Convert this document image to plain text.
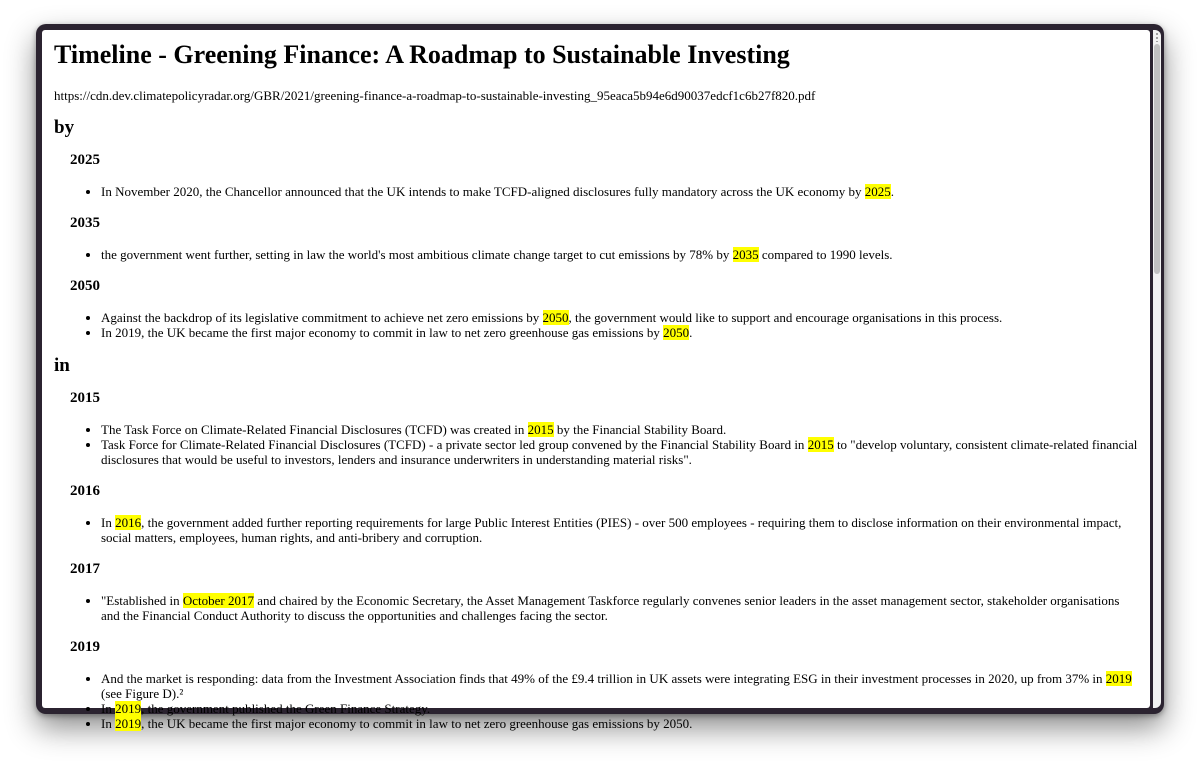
Timeline - Greening Finance: A Roadmap to Sustainable Investing
https://cdn.dev.climatepolicyradar.org/GBR/2021/greening-finance-a-roadmap-to-sustainable-investing_95eaca5b94e6d90037edcf1c6b27f820.pdf
by
2025
• In November 2020, the Chancellor announced that the UK intends to make TCFD-aligned disclosures fully mandatory across the UK economy by 2025.
2035
• the government went further, setting in law the world's most ambitious climate change target to cut emissions by 78% by 2035 compared to 1990 levels.
2050
• Against the backdrop of its legislative commitment to achieve net zero emissions by 2050, the government would like to support and encourage organisations in this process.
• In 2019, the UK became the first major economy to commit in law to net zero greenhouse gas emissions by 2050.
in
2015
• The Task Force on Climate-Related Financial Disclosures (TCFD) was created in 2015 by the Financial Stability Board.
• Task Force for Climate-Related Financial Disclosures (TCFD) - a private sector led group convened by the Financial Stability Board in 2015 to "develop voluntary, consistent climate-related financial disclosures that would be useful to investors, lenders and insurance underwriters in understanding material risks".
2016
• In 2016, the government added further reporting requirements for large Public Interest Entities (PIES) - over 500 employees - requiring them to disclose information on their environmental impact, social matters, employees, human rights, and anti-bribery and corruption.
2017
• "Established in October 2017 and chaired by the Economic Secretary, the Asset Management Taskforce regularly convenes senior leaders in the asset management sector, stakeholder organisations and the Financial Conduct Authority to discuss the opportunities and challenges facing the sector.
2019
• And the market is responding: data from the Investment Association finds that 49% of the £9.4 trillion in UK assets were integrating ESG in their investment processes in 2020, up from 37% in 2019 (see Figure D).²
• In 2019, the government published the Green Finance Strategy.
• In 2019, the UK became the first major economy to commit in law to net zero greenhouse gas emissions by 2050.
